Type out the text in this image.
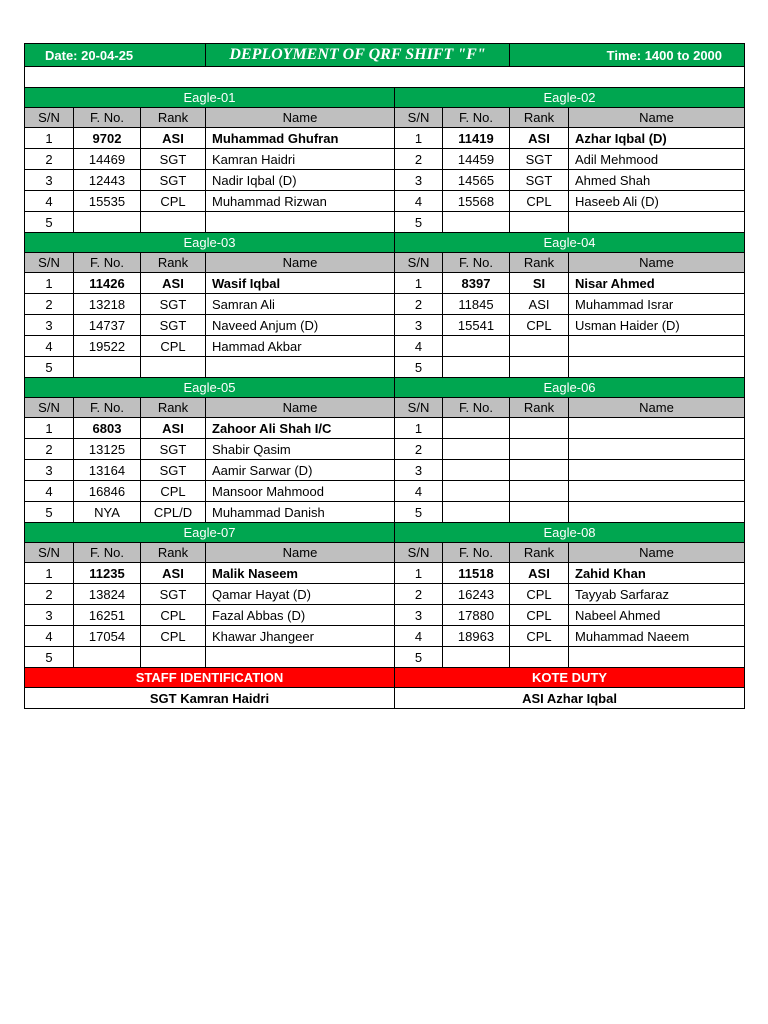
Date: 20-04-25			DEPLOYMENT OF QRF SHIFT "F"			Time: 1400 to 2000	

Eagle-01				Eagle-02			
S/N	F. No.	Rank	Name	S/N	F. No.	Rank	Name
1	9702	ASI	Muhammad Ghufran	1	11419	ASI	Azhar Iqbal (D)
2	14469	SGT	Kamran Haidri	2	14459	SGT	Adil Mehmood
3	12443	SGT	Nadir Iqbal (D)	3	14565	SGT	Ahmed Shah
4	15535	CPL	Muhammad Rizwan	4	15568	CPL	Haseeb Ali (D)
5				5			
Eagle-03				Eagle-04			
S/N	F. No.	Rank	Name	S/N	F. No.	Rank	Name
1	11426	ASI	Wasif Iqbal	1	8397	SI	Nisar Ahmed
2	13218	SGT	Samran Ali	2	11845	ASI	Muhammad Israr
3	14737	SGT	Naveed Anjum (D)	3	15541	CPL	Usman Haider (D)
4	19522	CPL	Hammad Akbar	4			
5				5			
Eagle-05				Eagle-06			
S/N	F. No.	Rank	Name	S/N	F. No.	Rank	Name
1	6803	ASI	Zahoor Ali Shah I/C	1			
2	13125	SGT	Shabir Qasim	2			
3	13164	SGT	Aamir Sarwar (D)	3			
4	16846	CPL	Mansoor Mahmood	4			
5	NYA	CPL/D	Muhammad Danish	5			
Eagle-07				Eagle-08			
S/N	F. No.	Rank	Name	S/N	F. No.	Rank	Name
1	11235	ASI	Malik Naseem	1	11518	ASI	Zahid Khan
2	13824	SGT	Qamar Hayat (D)	2	16243	CPL	Tayyab Sarfaraz
3	16251	CPL	Fazal Abbas (D)	3	17880	CPL	Nabeel Ahmed
4	17054	CPL	Khawar Jhangeer	4	18963	CPL	Muhammad Naeem
5				5			
STAFF IDENTIFICATION				KOTE DUTY			
SGT Kamran Haidri				ASI Azhar Iqbal			
